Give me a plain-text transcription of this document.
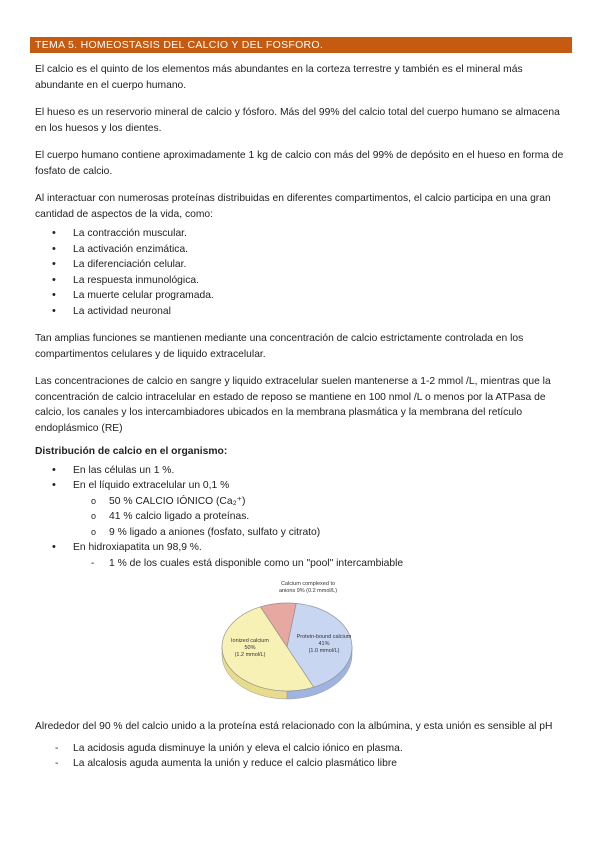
TEMA 5. HOMEOSTASIS DEL CALCIO Y DEL FOSFORO.

El calcio es el quinto de los elementos más abundantes en la corteza terrestre y también es el mineral más abundante en el cuerpo humano.

El hueso es un reservorio mineral de calcio y fósforo. Más del 99% del calcio total del cuerpo humano se almacena en los huesos y los dientes.

El cuerpo humano contiene aproximadamente 1 kg de calcio con más del 99% de depósito en el hueso en forma de fosfato de calcio.

Al interactuar con numerosas proteínas distribuidas en diferentes compartimentos, el calcio participa en una gran cantidad de aspectos de la vida, como:

• La contracción muscular.
• La activación enzimática.
• La diferenciación celular.
• La respuesta inmunológica.
• La muerte celular programada.
• La actividad neuronal

Tan amplias funciones se mantienen mediante una concentración de calcio estrictamente controlada en los compartimentos celulares y de liquido extracelular.

Las concentraciones de calcio en sangre y liquido extracelular suelen mantenerse a 1-2 mmol /L, mientras que la concentración de calcio intracelular en estado de reposo se mantiene en 100 nmol /L o menos por la ATPasa de calcio, los canales y los intercambiadores ubicados en la membrana plasmática y la membrana del retículo endoplásmico (RE)

Distribución de calcio en el organismo:
• En las células un 1 %.
• En el líquido extracelular un 0,1 %
o 50 % CALCIO IÓNICO (Ca₂⁺)
o 41 % calcio ligado a proteínas.
o 9 % ligado a aniones (fosfato, sulfato y citrato)
• En hidroxiapatita un 98,9 %.
- 1 % de los cuales está disponible como un "pool" intercambiable
Calcium complexed to
anions 9% (0.2 mmol/L)
Ionized calcium
50%
(1.2 mmol/L)
Protein-bound calcium
41%
(1.0 mmol/L)

Alrededor del 90 % del calcio unido a la proteína está relacionado con la albúmina, y esta unión es sensible al pH

- La acidosis aguda disminuye la unión y eleva el calcio iónico en plasma.
- La alcalosis aguda aumenta la unión y reduce el calcio plasmático libre
